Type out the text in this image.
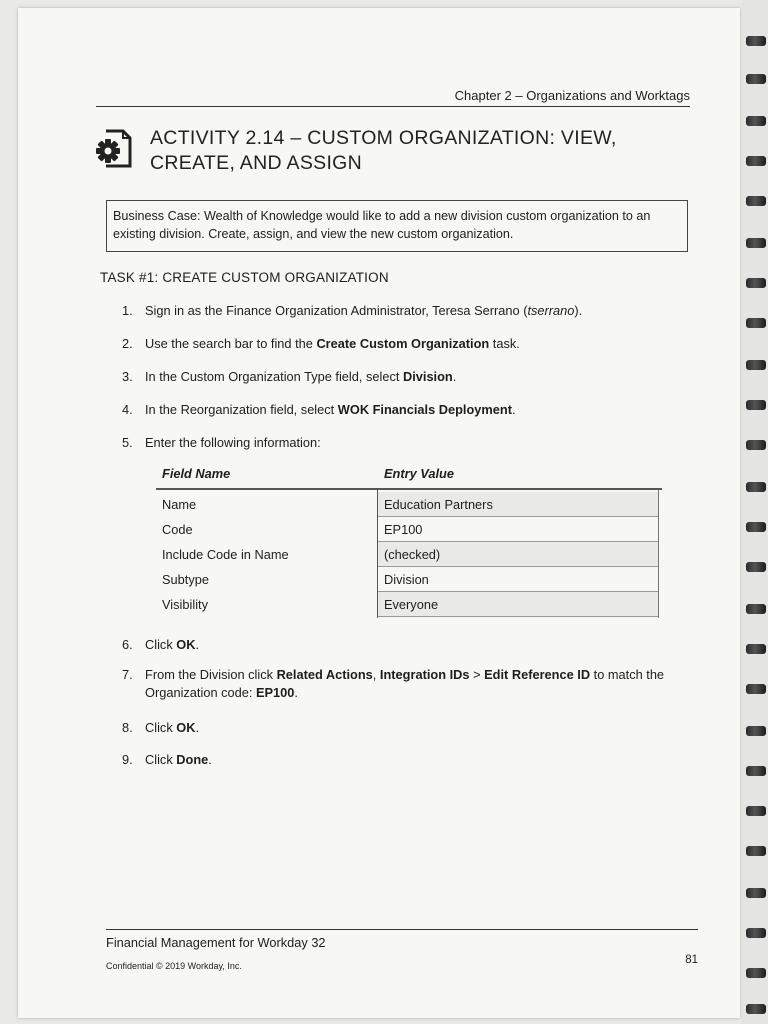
Chapter 2 – Organizations and Worktags
ACTIVITY 2.14 – CUSTOM ORGANIZATION: VIEW,
CREATE, AND ASSIGN
Business Case: Wealth of Knowledge would like to add a new division custom organization to an existing division. Create, assign, and view the new custom organization.
TASK #1: CREATE CUSTOM ORGANIZATION
1. Sign in as the Finance Organization Administrator, Teresa Serrano (tserrano).
2. Use the search bar to find the Create Custom Organization task.
3. In the Custom Organization Type field, select Division.
4. In the Reorganization field, select WOK Financials Deployment.
5. Enter the following information:
Field Name	Entry Value
Name	Education Partners
Code	EP100
Include Code in Name	(checked)
Subtype	Division
Visibility	Everyone
6. Click OK.
7. From the Division click Related Actions, Integration IDs > Edit Reference ID to match the Organization code: EP100.
8. Click OK.
9. Click Done.
Financial Management for Workday 32
Confidential © 2019 Workday, Inc.	81
